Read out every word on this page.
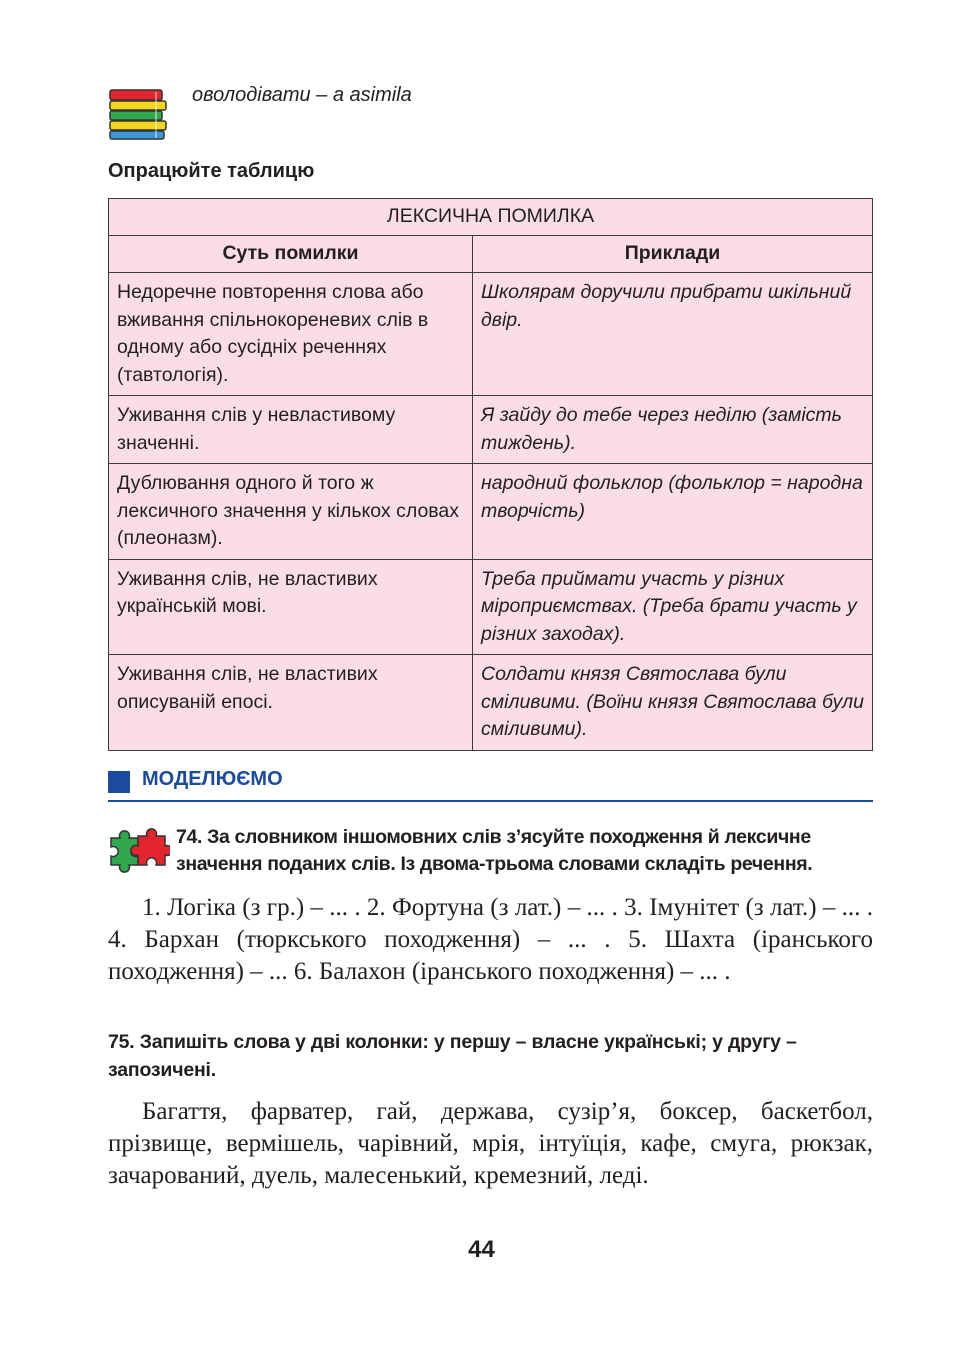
оволодівати – a asimila
Опрацюйте таблицю
ЛЕКСИЧНА ПОМИЛКА	
Суть помилки	Приклади
Недоречне повторення слова або вживання спільнокореневих слів в одному або сусідніх реченнях (тавтологія).	Школярам доручили прибрати шкільний двір.
Уживання слів у невластивому значенні.	Я зайду до тебе через неділю (замість тиждень).
Дублювання одного й того ж лексичного значення у кількох словах (плеоназм).	народний фольклор (фольклор = народна творчість)
Уживання слів, не властивих українській мові.	Треба приймати участь у різних міроприємствах. (Треба брати участь у різних заходах).
Уживання слів, не властивих описуваній епосі.	Солдати князя Святослава були сміливими. (Воїни князя Святослава були сміливими).
МОДЕЛЮЄМО
74. За словником іншомовних слів з’ясуйте походження й лексичне значення поданих слів. Із двома-трьома словами складіть речення.
1. Логіка (з гр.) – ... . 2. Фортуна (з лат.) – ... . 3. Імунітет (з лат.) – ... . 4. Бархан (тюркського походження) – ... . 5. Шахта (іранського походження) – ... 6. Балахон (іранського походження) – ... .
75. Запишіть слова у дві колонки: у першу – власне українські; у другу – запозичені.
Багаття, фарватер, гай, держава, сузір’я, боксер, баскетбол, прізвище, вермішель, чарівний, мрія, інтуїція, кафе, смуга, рюкзак, зачарований, дуель, малесенький, кремезний, леді.
44
